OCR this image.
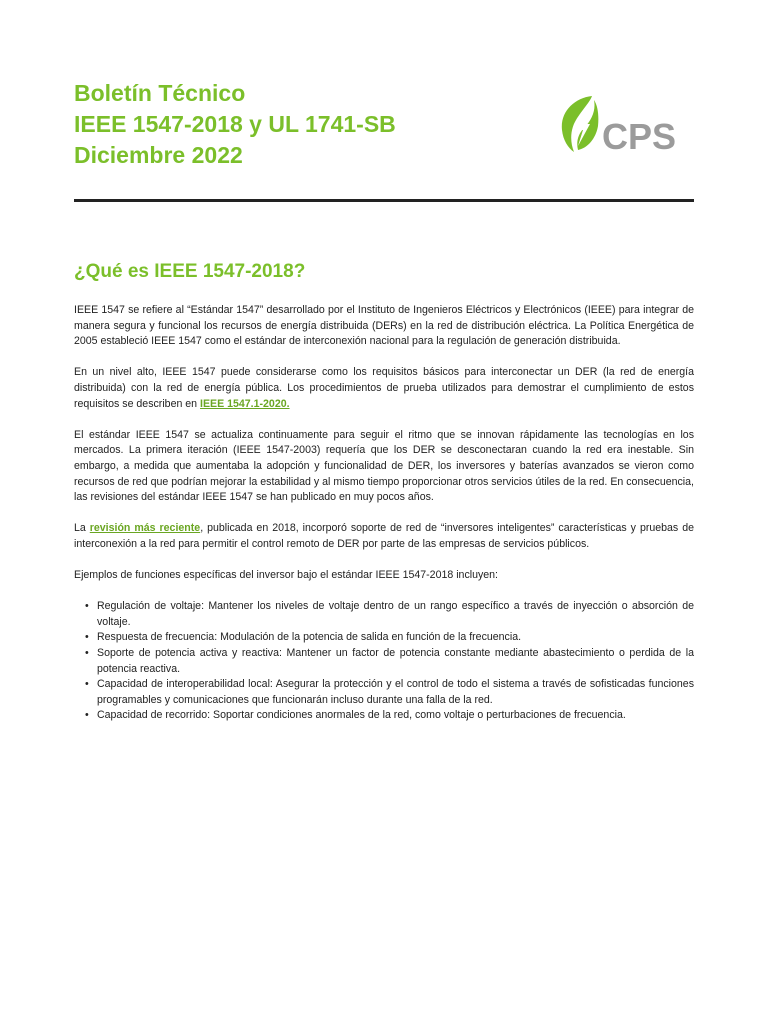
Boletín Técnico

IEEE 1547-2018 y UL 1741-SB

Diciembre 2022	CPS
¿Qué es IEEE 1547-2018?

IEEE 1547 se refiere al “Estándar 1547” desarrollado por el Instituto de Ingenieros Eléctricos y Electrónicos (IEEE) para integrar de manera segura y funcional los recursos de energía distribuida (DERs) en la red de distribución eléctrica. La Política Energética de 2005 estableció IEEE 1547 como el estándar de interconexión nacional para la regulación de generación distribuida.

En un nivel alto, IEEE 1547 puede considerarse como los requisitos básicos para interconectar un DER (la red de energía distribuida) con la red de energía pública. Los procedimientos de prueba utilizados para demostrar el cumplimiento de estos requisitos se describen en IEEE 1547.1-2020.

El estándar IEEE 1547 se actualiza continuamente para seguir el ritmo que se innovan rápidamente las tecnologías en los mercados. La primera iteración (IEEE 1547-2003) requería que los DER se desconectaran cuando la red era inestable. Sin embargo, a medida que aumentaba la adopción y funcionalidad de DER, los inversores y baterías avanzados se vieron como recursos de red que podrían mejorar la estabilidad y al mismo tiempo proporcionar otros servicios útiles de la red. En consecuencia, las revisiones del estándar IEEE 1547 se han publicado en muy pocos años.

La revisión más reciente, publicada en 2018, incorporó soporte de red de “inversores inteligentes” características y pruebas de interconexión a la red para permitir el control remoto de DER por parte de las empresas de servicios públicos.

Ejemplos de funciones específicas del inversor bajo el estándar IEEE 1547-2018 incluyen:

• Regulación de voltaje: Mantener los niveles de voltaje dentro de un rango específico a través de inyección o absorción de voltaje.
• Respuesta de frecuencia: Modulación de la potencia de salida en función de la frecuencia.
• Soporte de potencia activa y reactiva: Mantener un factor de potencia constante mediante abastecimiento o perdida de la potencia reactiva.
• Capacidad de interoperabilidad local: Asegurar la protección y el control de todo el sistema a través de sofisticadas funciones programables y comunicaciones que funcionarán incluso durante una falla de la red.
• Capacidad de recorrido: Soportar condiciones anormales de la red, como voltaje o perturbaciones de frecuencia.
